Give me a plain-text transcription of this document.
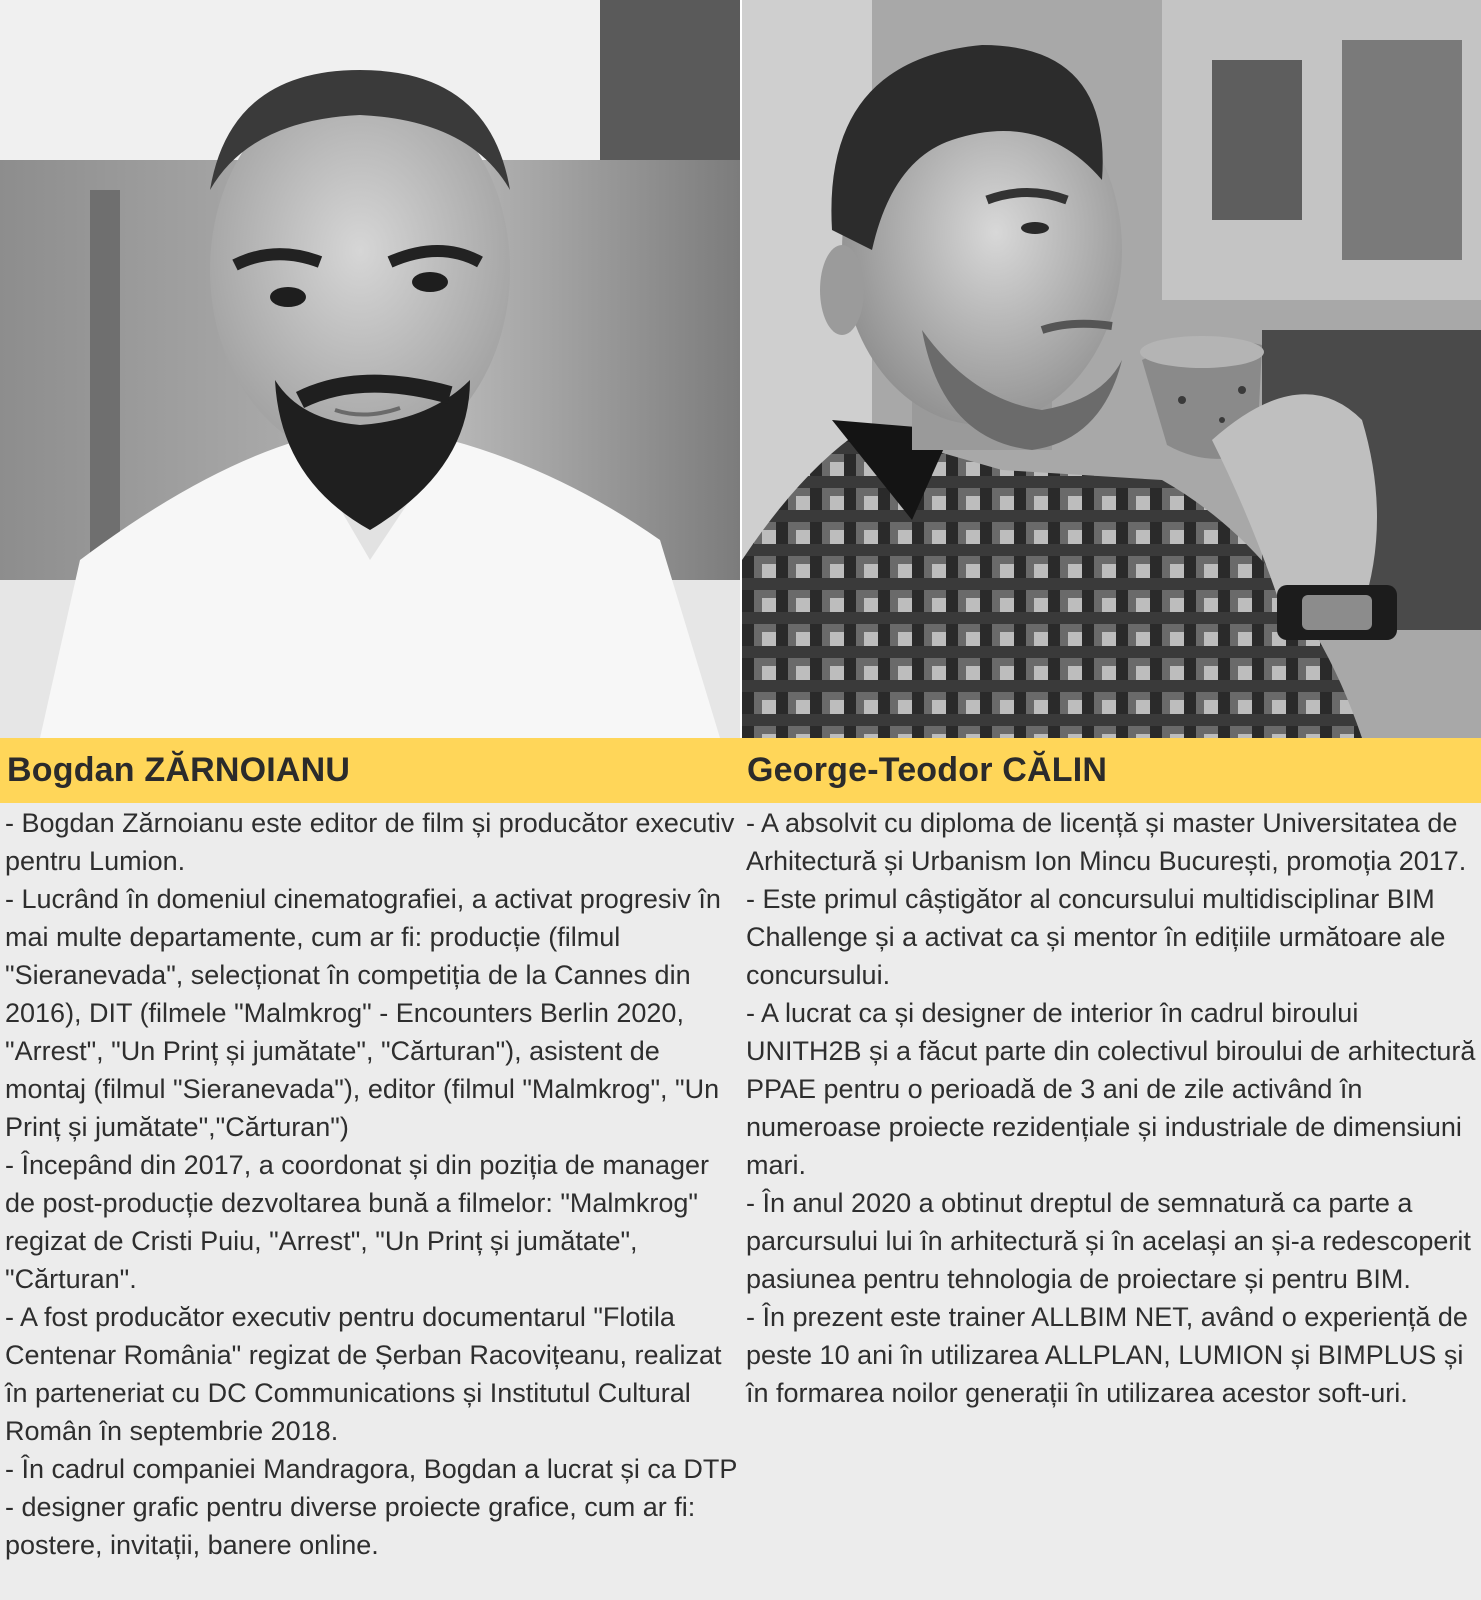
Bogdan ZĂRNOIANU	George-Teodor CĂLIN
- Bogdan Zărnoianu este editor de film și producător executiv pentru Lumion.
- Lucrând în domeniul cinematografiei, a activat progresiv în mai multe departamente, cum ar fi: producție (filmul "Sieranevada", selecționat în competiția de la Cannes din 2016), DIT (filmele "Malmkrog" - Encounters Berlin 2020, "Arrest", "Un Prinț și jumătate", "Cărturan"), asistent de montaj (filmul "Sieranevada"), editor (filmul "Malmkrog", "Un Prinț și jumătate","Cărturan")
- Începând din 2017, a coordonat și din poziția de manager de post-producție dezvoltarea bună a filmelor: "Malmkrog" regizat de Cristi Puiu, "Arrest", "Un Prinț și jumătate", "Cărturan".
- A fost producător executiv pentru documentarul "Flotila Centenar România" regizat de Șerban Racovițeanu, realizat în parteneriat cu DC Communications și Institutul Cultural Român în septembrie 2018.
- În cadrul companiei Mandragora, Bogdan a lucrat și ca DTP - designer grafic pentru diverse proiecte grafice, cum ar fi: postere, invitații, banere online.
- A absolvit cu diploma de licență și master Universitatea de Arhitectură și Urbanism Ion Mincu București, promoția 2017.
- Este primul câștigător al concursului multidisciplinar BIM Challenge și a activat ca și mentor în edițiile următoare ale concursului.
- A lucrat ca și designer de interior în cadrul biroului UNITH2B și a făcut parte din colectivul biroului de arhitectură PPAE pentru o perioadă de 3 ani de zile activând în numeroase proiecte rezidențiale și industriale de dimensiuni mari.
- În anul 2020 a obtinut dreptul de semnatură ca parte a parcursului lui în arhitectură și în același an și-a redescoperit pasiunea pentru tehnologia de proiectare și pentru BIM.
- În prezent este trainer ALLBIM NET, având o experiență de peste 10 ani în utilizarea ALLPLAN, LUMION și BIMPLUS și în formarea noilor generații în utilizarea acestor soft-uri.
